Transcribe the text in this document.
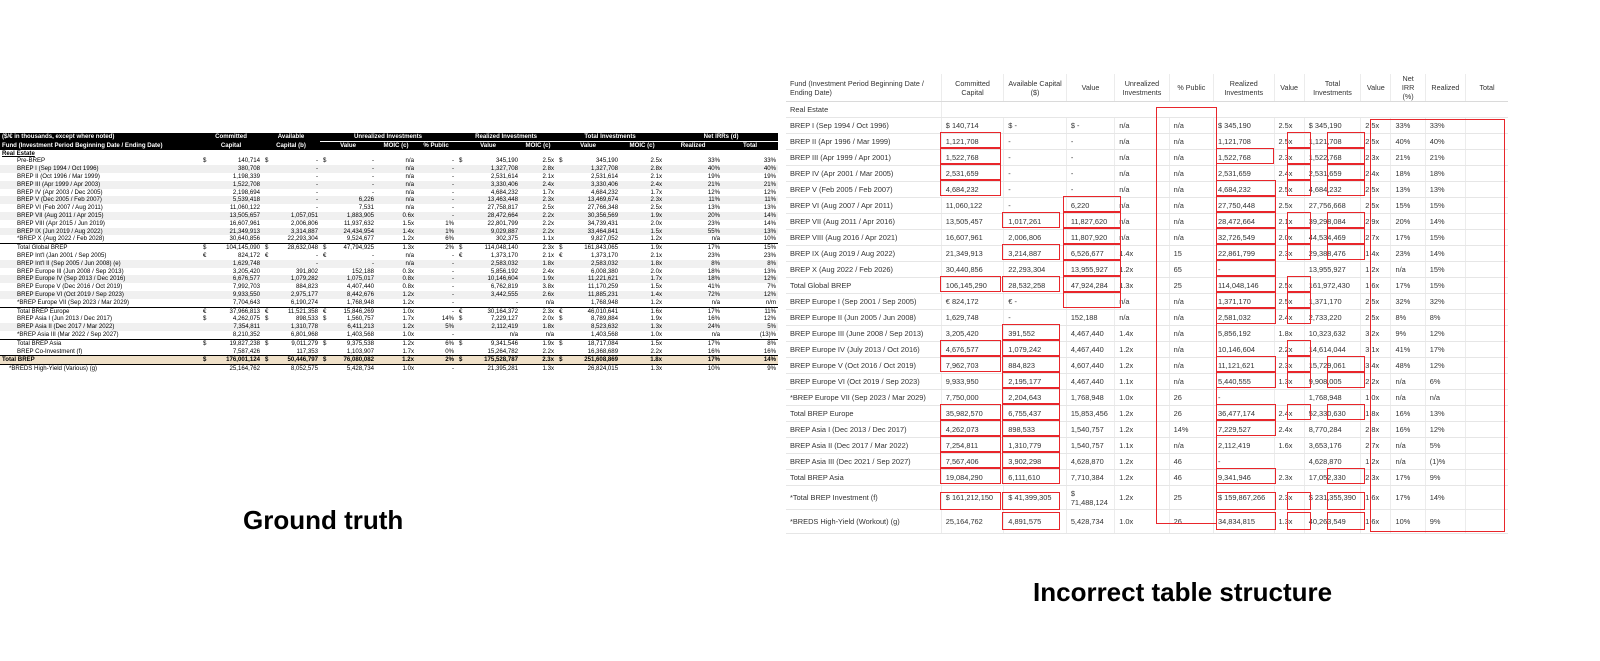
($/€ in thousands, except where noted)	Committed		Available		Unrealized Investments				Realized Investments			Total Investments			Net IRRs (d)	
Fund (Investment Period Beginning Date / Ending Date)	Capital		Capital (b)		Value		MOIC (c)	% Public	Value		MOIC (c)	Value		MOIC (c)	Realized	Total
Real Estate																
Pre-BREP	$	140,714	$	-	$	-	n/a	-	$	345,190	2.5x	$	345,190	2.5x	33%	33%
BREP I (Sep 1994 / Oct 1996)		380,708		-		-	n/a	-		1,327,708	2.8x		1,327,708	2.8x	40%	40%
BREP II (Oct 1996 / Mar 1999)		1,198,339		-		-	n/a	-		2,531,614	2.1x		2,531,614	2.1x	19%	19%
BREP III (Apr 1999 / Apr 2003)		1,522,708		-		-	n/a	-		3,330,406	2.4x		3,330,406	2.4x	21%	21%
BREP IV (Apr 2003 / Dec 2005)		2,198,694		-		-	n/a	-		4,684,232	1.7x		4,684,232	1.7x	12%	12%
BREP V (Dec 2005 / Feb 2007)		5,539,418		-		6,226	n/a	-		13,463,448	2.3x		13,469,674	2.3x	11%	11%
BREP VI (Feb 2007 / Aug 2011)		11,060,122		-		7,531	n/a	-		27,758,817	2.5x		27,766,348	2.5x	13%	13%
BREP VII (Aug 2011 / Apr 2015)		13,505,657		1,057,051		1,883,905	0.6x	-		28,472,664	2.2x		30,356,569	1.9x	20%	14%
BREP VIII (Apr 2015 / Jun 2019)		16,607,961		2,006,806		11,937,632	1.5x	1%		22,801,799	2.2x		34,739,431	2.0x	23%	14%
BREP IX (Jun 2019 / Aug 2022)		21,349,913		3,314,887		24,434,954	1.4x	1%		9,029,887	2.2x		33,464,841	1.5x	55%	13%
*BREP X (Aug 2022 / Feb 2028)		30,640,856		22,293,304		9,524,677	1.2x	6%		302,375	1.1x		9,827,052	1.2x	n/a	10%
Total Global BREP	$	104,145,090	$	28,632,048	$	47,794,925	1.3x	2%	$	114,048,140	2.3x	$	161,843,065	1.9x	17%	15%
BREP Int'l (Jan 2001 / Sep 2005)	€	824,172	€	-	€	-	n/a	-	€	1,373,170	2.1x	€	1,373,170	2.1x	23%	23%
BREP Int'l II (Sep 2005 / Jun 2008) (e)		1,629,748		-		-	n/a	-		2,583,032	1.8x		2,583,032	1.8x	8%	8%
BREP Europe III (Jun 2008 / Sep 2013)		3,205,420		391,802		152,188	0.3x	-		5,856,192	2.4x		6,008,380	2.0x	18%	13%
BREP Europe IV (Sep 2013 / Dec 2016)		6,676,577		1,079,282		1,075,017	0.8x	-		10,146,604	1.9x		11,221,621	1.7x	18%	12%
BREP Europe V (Dec 2016 / Oct 2019)		7,992,703		884,823		4,407,440	0.8x	-		6,762,819	3.8x		11,170,259	1.5x	41%	7%
BREP Europe VI (Oct 2019 / Sep 2023)		9,933,550		2,975,177		8,442,676	1.2x	-		3,442,555	2.6x		11,885,231	1.4x	72%	12%
*BREP Europe VII (Sep 2023 / Mar 2029)		7,704,643		6,190,274		1,768,948	1.2x	-		-	n/a		1,768,948	1.2x	n/a	n/m
Total BREP Europe	€	37,966,813	€	11,521,358	€	15,846,269	1.0x	-	€	30,164,372	2.3x	€	46,010,641	1.6x	17%	11%
BREP Asia I (Jun 2013 / Dec 2017)	$	4,262,075	$	898,533	$	1,560,757	1.7x	14%	$	7,229,127	2.0x	$	8,789,884	1.9x	16%	12%
BREP Asia II (Dec 2017 / Mar 2022)		7,354,811		1,310,778		6,411,213	1.2x	5%		2,112,419	1.8x		8,523,632	1.3x	24%	5%
*BREP Asia III (Mar 2022 / Sep 2027)		8,210,352		6,801,968		1,403,568	1.0x	-		n/a	n/a		1,403,568	1.0x	n/a	(13)%
Total BREP Asia	$	19,827,238	$	9,011,279	$	9,375,538	1.2x	6%	$	9,341,546	1.9x	$	18,717,084	1.5x	17%	8%
BREP Co-Investment (f)		7,587,426		117,353		1,103,907	1.7x	0%		15,264,782	2.2x		16,368,689	2.2x	16%	16%
Total BREP	$	176,001,124	$	50,446,797	$	76,080,082	1.2x	2%	$	175,528,787	2.3x	$	251,608,869	1.8x	17%	14%
*BREDS High-Yield (Various) (g)		25,164,762		8,052,575		5,428,734	1.0x	-		21,395,281	1.3x		26,824,015	1.3x	10%	9%
Ground truth
Fund (Investment Period Beginning Date / Ending Date)	Committed Capital	Available Capital ($)	Value	Unrealized Investments	% Public	Realized Investments	Value	Total Investments	Value	Net IRR (%)	Realized	Total
Real Estate												
BREP I (Sep 1994 / Oct 1996)	$ 140,714	$ -	$ -	n/a	n/a	$ 345,190	2.5x	$ 345,190	2.5x	33%	33%	
BREP II (Apr 1996 / Mar 1999)	1,121,708	-	-	n/a	n/a	1,121,708	2.5x	1,121,708	2.5x	40%	40%	
BREP III (Apr 1999 / Apr 2001)	1,522,768	-	-	n/a	n/a	1,522,768	2.3x	1,522,768	2.3x	21%	21%	
BREP IV (Apr 2001 / Mar 2005)	2,531,659	-	-	n/a	n/a	2,531,659	2.4x	2,531,659	2.4x	18%	18%	
BREP V (Feb 2005 / Feb 2007)	4,684,232	-	-	n/a	n/a	4,684,232	2.5x	4,684,232	2.5x	13%	13%	
BREP VI (Aug 2007 / Apr 2011)	11,060,122	-	6,220	n/a	n/a	27,750,448	2.5x	27,756,668	2.5x	15%	15%	
BREP VII (Aug 2011 / Apr 2016)	13,505,457	1,017,261	11,827,620	n/a	n/a	28,472,664	2.1x	39,298,084	2.9x	20%	14%	
BREP VIII (Aug 2016 / Apr 2021)	16,607,961	2,006,806	11,807,920	n/a	n/a	32,726,549	2.0x	44,534,469	2.7x	17%	15%	
BREP IX (Aug 2019 / Aug 2022)	21,349,913	3,214,887	6,526,677	1.4x	15	22,861,799	2.3x	29,388,476	1.4x	23%	14%	
BREP X (Aug 2022 / Feb 2026)	30,440,856	22,293,304	13,955,927	1.2x	65	-		13,955,927	1.2x	n/a	15%	
Total Global BREP	106,145,290	28,532,258	47,924,284	1.3x	25	114,048,146	2.5x	161,972,430	1.6x	17%	15%	
BREP Europe I (Sep 2001 / Sep 2005)	€ 824,172	€ -		n/a	n/a	1,371,170	2.5x	1,371,170	2.5x	32%	32%	
BREP Europe II (Jun 2005 / Jun 2008)	1,629,748	-	152,188	n/a	n/a	2,581,032	2.4x	2,733,220	2.5x	8%	8%	
BREP Europe III (June 2008 / Sep 2013)	3,205,420	391,552	4,467,440	1.4x	n/a	5,856,192	1.8x	10,323,632	3.2x	9%	12%	
BREP Europe IV (July 2013 / Oct 2016)	4,676,577	1,079,242	4,467,440	1.2x	n/a	10,146,604	2.2x	14,614,044	3.1x	41%	17%	
BREP Europe V (Oct 2016 / Oct 2019)	7,962,703	884,823	4,607,440	1.2x	n/a	11,121,621	2.3x	15,729,061	3.4x	48%	12%	
BREP Europe VI (Oct 2019 / Sep 2023)	9,933,950	2,195,177	4,467,440	1.1x	n/a	5,440,555	1.3x	9,908,005	2.2x	n/a	6%	
*BREP Europe VII (Sep 2023 / Mar 2029)	7,750,000	2,204,643	1,768,948	1.0x	26	-		1,768,948	1.0x	n/a	n/a	
Total BREP Europe	35,982,570	6,755,437	15,853,456	1.2x	26	36,477,174	2.4x	52,330,630	1.8x	16%	13%	
BREP Asia I (Dec 2013 / Dec 2017)	4,262,073	898,533	1,540,757	1.2x	14%	7,229,527	2.4x	8,770,284	2.8x	16%	12%	
BREP Asia II (Dec 2017 / Mar 2022)	7,254,811	1,310,779	1,540,757	1.1x	n/a	2,112,419	1.6x	3,653,176	2.7x	n/a	5%	
BREP Asia III (Dec 2021 / Sep 2027)	7,567,406	3,902,298	4,628,870	1.2x	46	-		4,628,870	1.2x	n/a	(1)%	
Total BREP Asia	19,084,290	6,111,610	7,710,384	1.2x	46	9,341,946	2.3x	17,052,330	2.3x	17%	9%	
*Total BREP Investment (f)	$ 161,212,150	$ 41,399,305	$ 71,488,124	1.2x	25	$ 159,867,266	2.3x	$ 231,355,390	1.6x	17%	14%	
*BREDS High-Yield (Workout) (g)	25,164,762	4,891,575	5,428,734	1.0x	26	34,834,815	1.3x	40,263,549	1.6x	10%	9%	
Incorrect table structure
